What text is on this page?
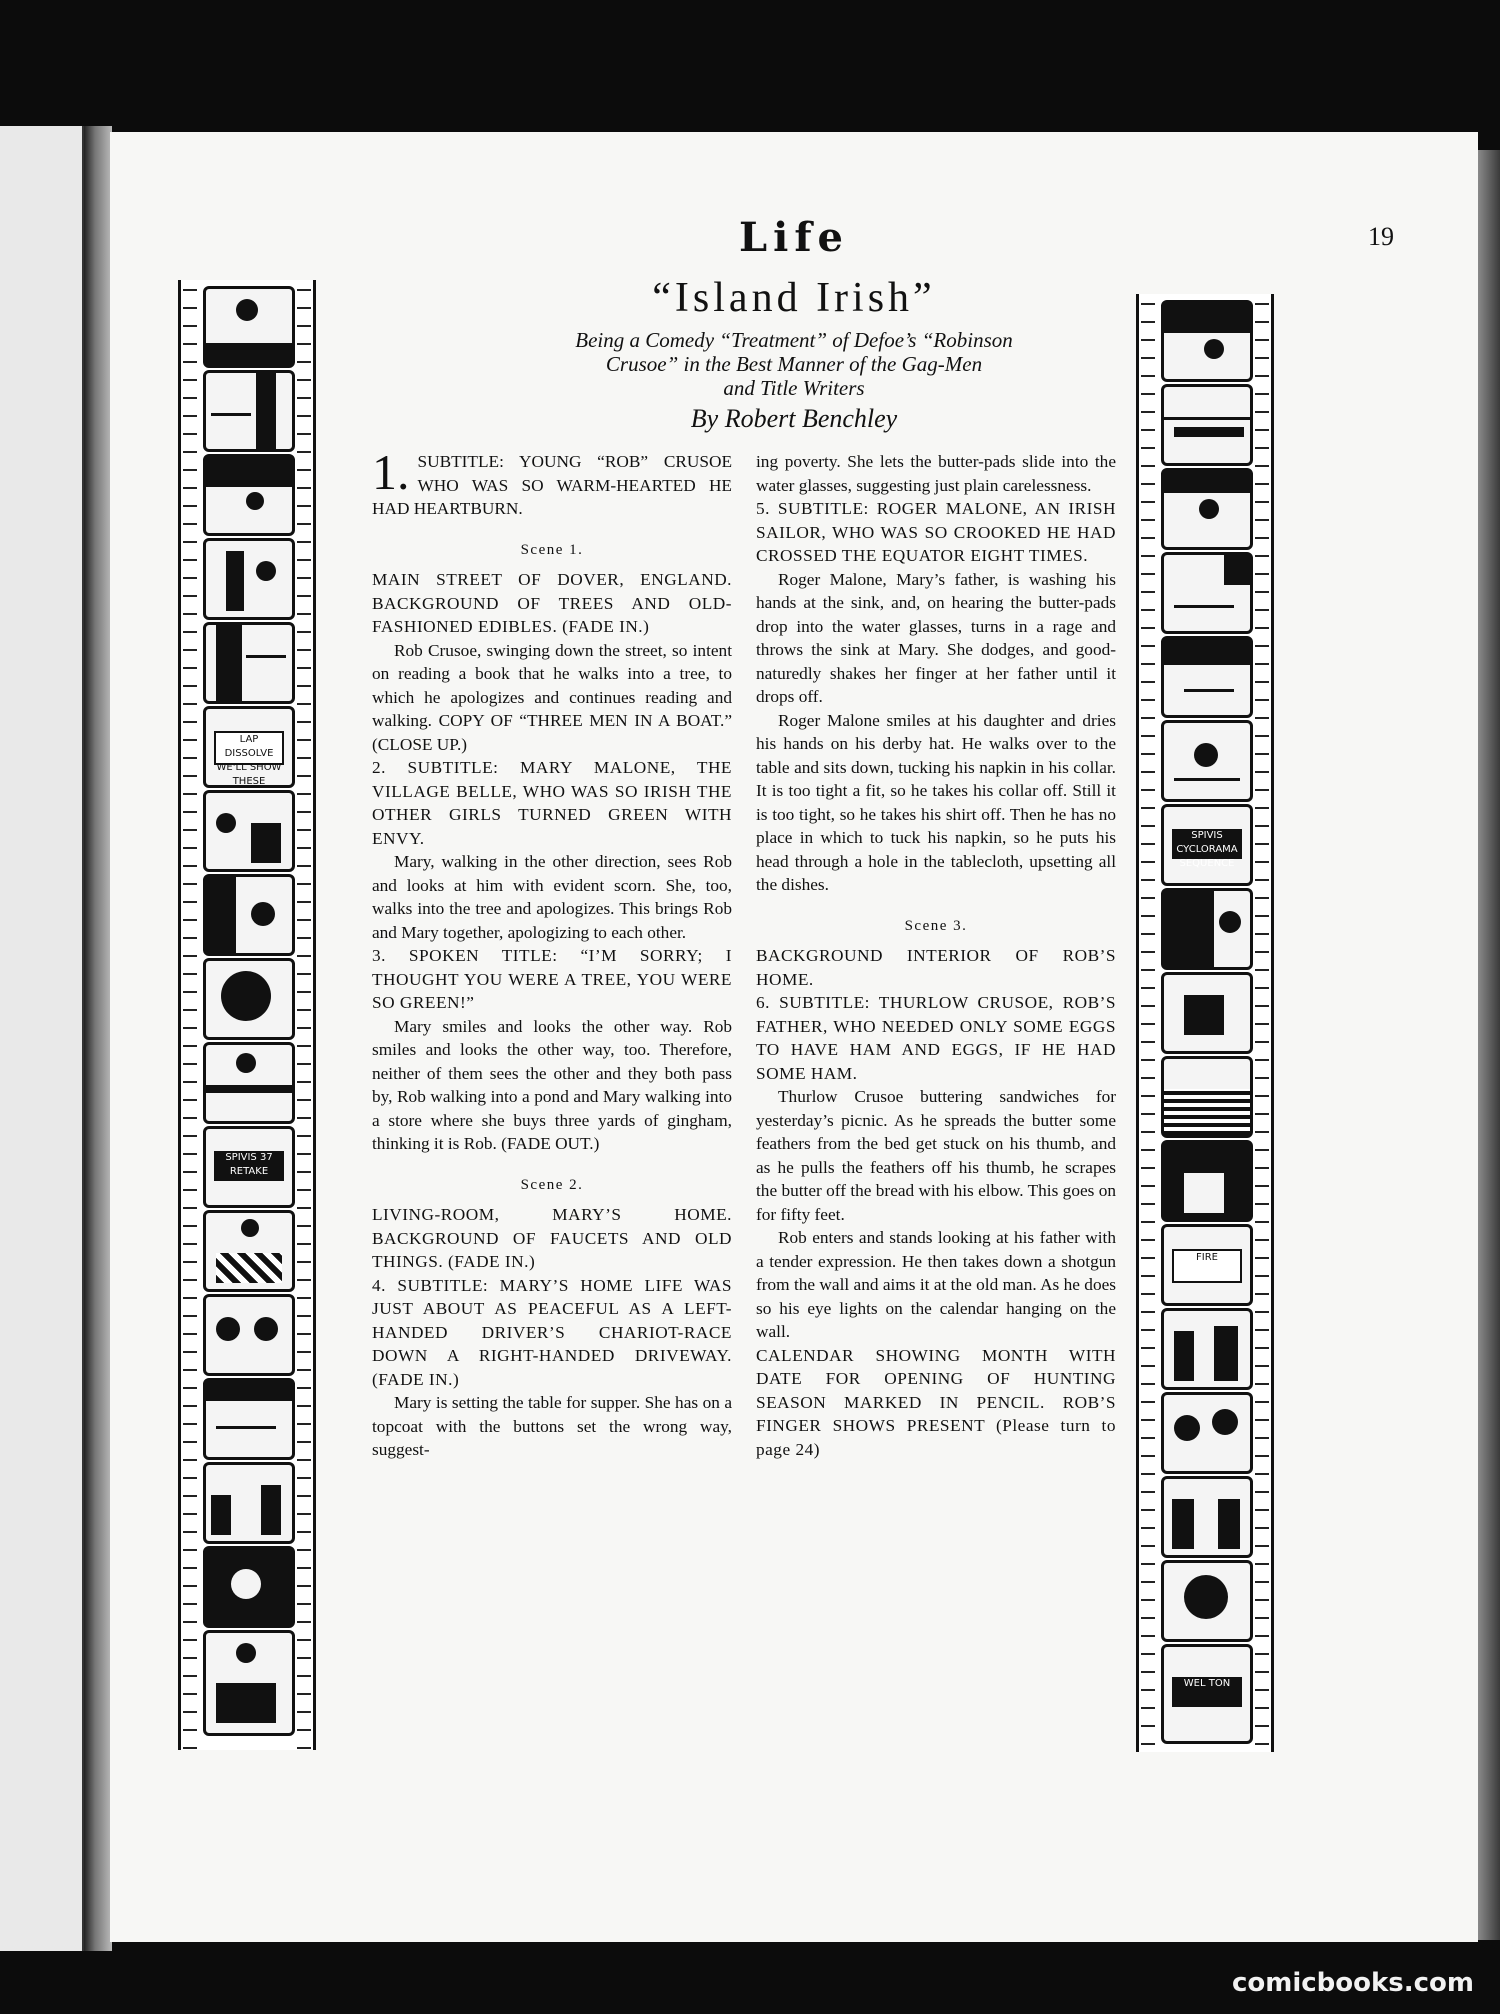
Life	19
“Island Irish”
Being a Comedy “Treatment” of Defoe’s “Robinson
Crusoe” in the Best Manner of the Gag-Men
and Title Writers
By Robert Benchley
LAP DISSOLVE WE'LL SHOW THESE
SPIVIS 37 RETAKE
SPIVIS CYCLORAMA SEQUENCE
FIRE
WEL TON

1. SUBTITLE: YOUNG “ROB” CRUSOE WHO WAS SO WARM-HEARTED HE HAD HEARTBURN.

Scene 1.

MAIN STREET OF DOVER, ENGLAND. BACKGROUND OF TREES AND OLD-FASHIONED EDIBLES. (FADE IN.)

Rob Crusoe, swinging down the street, so intent on reading a book that he walks into a tree, to which he apologizes and continues reading and walking. COPY OF “THREE MEN IN A BOAT.” (CLOSE UP.)

2. SUBTITLE: MARY MALONE, THE VILLAGE BELLE, WHO WAS SO IRISH THE OTHER GIRLS TURNED GREEN WITH ENVY.

Mary, walking in the other direction, sees Rob and looks at him with evident scorn. She, too, walks into the tree and apologizes. This brings Rob and Mary together, apologizing to each other.

3. SPOKEN TITLE: “I’M SORRY; I THOUGHT YOU WERE A TREE, YOU WERE SO GREEN!”

Mary smiles and looks the other way. Rob smiles and looks the other way, too. Therefore, neither of them sees the other and they both pass by, Rob walking into a pond and Mary walking into a store where she buys three yards of gingham, thinking it is Rob. (FADE OUT.)

Scene 2.

LIVING-ROOM, MARY’S HOME. BACKGROUND OF FAUCETS AND OLD THINGS. (FADE IN.)

4. SUBTITLE: MARY’S HOME LIFE WAS JUST ABOUT AS PEACEFUL AS A LEFT-HANDED DRIVER’S CHARIOT-RACE DOWN A RIGHT-HANDED DRIVEWAY. (FADE IN.)

Mary is setting the table for supper. She has on a topcoat with the buttons set the wrong way, suggest-

ing poverty. She lets the butter-pads slide into the water glasses, suggesting just plain carelessness.

5. SUBTITLE: ROGER MALONE, AN IRISH SAILOR, WHO WAS SO CROOKED HE HAD CROSSED THE EQUATOR EIGHT TIMES.

Roger Malone, Mary’s father, is washing his hands at the sink, and, on hearing the butter-pads drop into the water glasses, turns in a rage and throws the sink at Mary. She dodges, and good-naturedly shakes her finger at her father until it drops off.

Roger Malone smiles at his daughter and dries his hands on his derby hat. He walks over to the table and sits down, tucking his napkin in his collar. It is too tight a fit, so he takes his collar off. Still it is too tight, so he takes his shirt off. Then he has no place in which to tuck his napkin, so he puts his head through a hole in the tablecloth, upsetting all the dishes.

Scene 3.

BACKGROUND INTERIOR OF ROB’S HOME.

6. SUBTITLE: THURLOW CRUSOE, ROB’S FATHER, WHO NEEDED ONLY SOME EGGS TO HAVE HAM AND EGGS, IF HE HAD SOME HAM.

Thurlow Crusoe buttering sandwiches for yesterday’s picnic. As he spreads the butter some feathers from the bed get stuck on his thumb, and as he pulls the feathers off his thumb, he scrapes the butter off the bread with his elbow. This goes on for fifty feet.

Rob enters and stands looking at his father with a tender expression. He then takes down a shotgun from the wall and aims it at the old man. As he does so his eye lights on the calendar hanging on the wall.

CALENDAR SHOWING MONTH WITH DATE FOR OPENING OF HUNTING SEASON MARKED IN PENCIL. ROB’S FINGER SHOWS PRESENT (Please turn to page 24)

comicbooks.com
